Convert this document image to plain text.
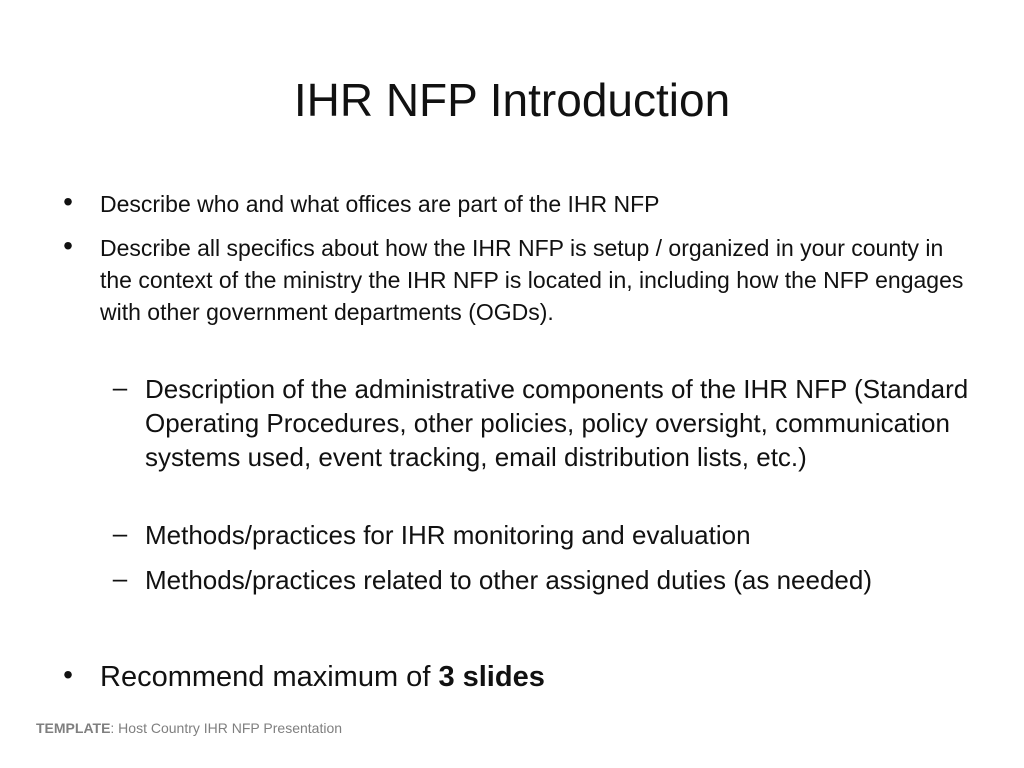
IHR NFP Introduction
• Describe who and what offices are part of the IHR NFP
• Describe all specifics about how the IHR NFP is setup / organized in your county in the context of the ministry the IHR NFP is located in, including how the NFP engages with other government departments (OGDs).
– Description of the administrative components of the IHR NFP (Standard Operating Procedures, other policies, policy oversight, communication systems used, event tracking, email distribution lists, etc.)
– Methods/practices for IHR monitoring and evaluation
– Methods/practices related to other assigned duties (as needed)
• Recommend maximum of 3 slides
TEMPLATE: Host Country IHR NFP Presentation
